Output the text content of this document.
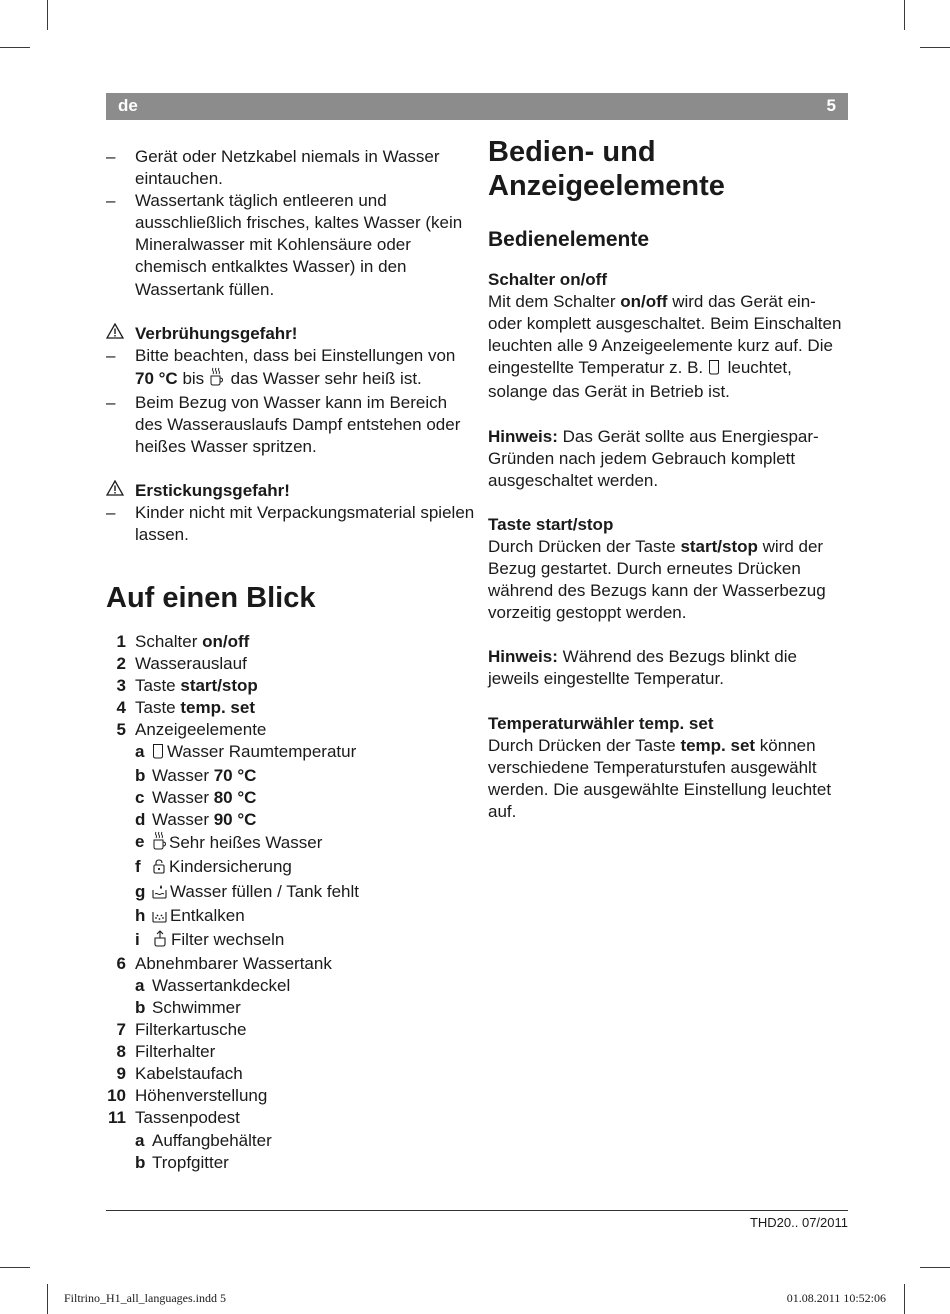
de	5
–	Gerät oder Netzkabel niemals in Wasser eintauchen.
–	Wassertank täglich entleeren und ausschließlich frisches, kaltes Wasser (kein Mineralwasser mit Kohlensäure oder chemisch entkalktes Wasser) in den Wassertank füllen.
Verbrühungsgefahr!
–	Bitte beachten, dass bei Einstellungen von 70 °C bis  das Wasser sehr heiß ist.
–	Beim Bezug von Wasser kann im Bereich des Wasserauslaufs Dampf entstehen oder heißes Wasser spritzen.
Erstickungsgefahr!
–	Kinder nicht mit Verpackungsmaterial spielen lassen.
Auf einen Blick
1 Schalter on/off
2 Wasserauslauf
3 Taste start/stop
4 Taste temp. set
5 Anzeigeelemente
a	Wasser Raumtemperatur
b Wasser 70 °C
c Wasser 80 °C
d Wasser 90 °C
e	Sehr heißes Wasser
f	Kindersicherung
g	Wasser füllen / Tank fehlt
h	Entkalken
i	Filter wechseln
6 Abnehmbarer Wassertank
a Wassertankdeckel
b Schwimmer
7 Filterkartusche
8 Filterhalter
9 Kabelstaufach
10 Höhenverstellung
11 Tassenpodest
a Auffangbehälter
b Tropfgitter
Bedien- und
Anzeigeelemente
Bedienelemente
Schalter on/off
Mit dem Schalter on/off wird das Gerät ein- oder komplett ausgeschaltet. Beim Einschalten leuchten alle 9 Anzeigeelemente kurz auf. Die eingestellte Temperatur z. B.  leuchtet, solange das Gerät in Betrieb ist.
Hinweis: Das Gerät sollte aus Energiespar-Gründen nach jedem Gebrauch komplett ausgeschaltet werden.
Taste start/stop
Durch Drücken der Taste start/stop wird der Bezug gestartet. Durch erneutes Drücken während des Bezugs kann der Wasserbezug vorzeitig gestoppt werden.
Hinweis: Während des Bezugs blinkt die jeweils eingestellte Temperatur.
Temperaturwähler temp. set
Durch Drücken der Taste temp. set können verschiedene Temperaturstufen ausgewählt werden. Die ausgewählte Einstellung leuchtet auf.
THD20.. 07/2011
Filtrino_H1_all_languages.indd 5	01.08.2011 10:52:06
